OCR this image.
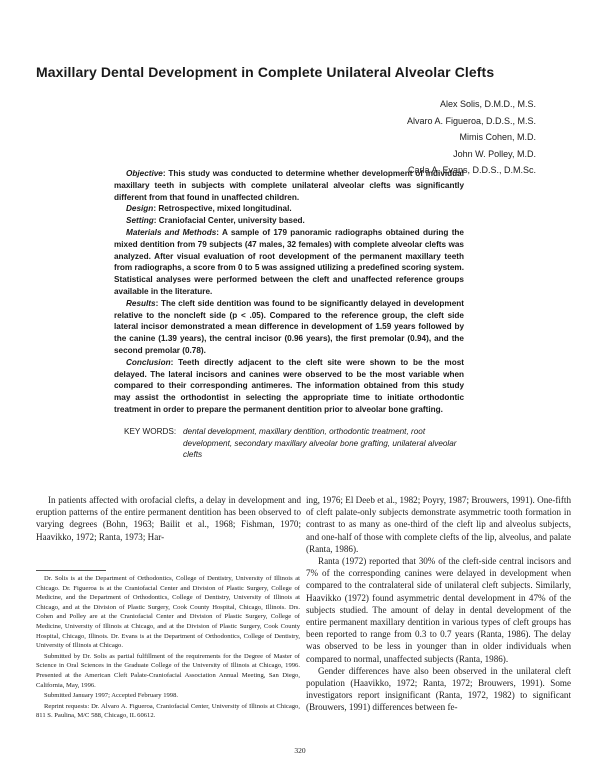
Maxillary Dental Development in Complete Unilateral Alveolar Clefts
Alex Solis, D.M.D., M.S.
Alvaro A. Figueroa, D.D.S., M.S.
Mimis Cohen, M.D.
John W. Polley, M.D.
Carla A. Evans, D.D.S., D.M.Sc.

Objective: This study was conducted to determine whether development of individual maxillary teeth in subjects with complete unilateral alveolar clefts was significantly different from that found in unaffected children.

Design: Retrospective, mixed longitudinal.

Setting: Craniofacial Center, university based.

Materials and Methods: A sample of 179 panoramic radiographs obtained during the mixed dentition from 79 subjects (47 males, 32 females) with complete alveolar clefts was analyzed. After visual evaluation of root development of the permanent maxillary teeth from radiographs, a score from 0 to 5 was assigned utilizing a predefined scoring system. Statistical analyses were performed between the cleft and unaffected reference groups available in the literature.

Results: The cleft side dentition was found to be significantly delayed in development relative to the noncleft side (p < .05). Compared to the reference group, the cleft side lateral incisor demonstrated a mean difference in development of 1.59 years followed by the canine (1.39 years), the central incisor (0.96 years), the first premolar (0.94), and the second premolar (0.78).

Conclusion: Teeth directly adjacent to the cleft site were shown to be the most delayed. The lateral incisors and canines were observed to be the most variable when compared to their corresponding antimeres. The information obtained from this study may assist the orthodontist in selecting the appropriate time to initiate orthodontic treatment in order to prepare the permanent dentition prior to alveolar bone grafting.

KEY WORDS: dental development, maxillary dentition, orthodontic treatment, root development, secondary maxillary alveolar bone grafting, unilateral alveolar clefts

In patients affected with orofacial clefts, a delay in development and eruption patterns of the entire permanent dentition has been observed to varying degrees (Bohn, 1963; Bailit et al., 1968; Fishman, 1970; Haavikko, 1972; Ranta, 1973; Har-

Dr. Solis is at the Department of Orthodontics, College of Dentistry, University of Illinois at Chicago. Dr. Figueroa is at the Craniofacial Center and Division of Plastic Surgery, College of Medicine, and the Department of Orthodontics, College of Dentistry, University of Illinois at Chicago, and at the Division of Plastic Surgery, Cook County Hospital, Chicago, Illinois. Drs. Cohen and Polley are at the Craniofacial Center and Division of Plastic Surgery, College of Medicine, University of Illinois at Chicago, and at the Division of Plastic Surgery, Cook County Hospital, Chicago, Illinois. Dr. Evans is at the Department of Orthodontics, College of Dentistry, University of Illinois at Chicago.

Submitted by Dr. Solis as partial fulfillment of the requirements for the Degree of Master of Science in Oral Sciences in the Graduate College of the University of Illinois at Chicago, 1996. Presented at the American Cleft Palate-Craniofacial Association Annual Meeting, San Diego, California, May, 1996.

Submitted January 1997; Accepted February 1998.

Reprint requests: Dr. Alvaro A. Figueroa, Craniofacial Center, University of Illinois at Chicago, 811 S. Paulina, M/C 588, Chicago, IL 60612.

ing, 1976; El Deeb et al., 1982; Poyry, 1987; Brouwers, 1991). One-fifth of cleft palate-only subjects demonstrate asymmetric tooth formation in contrast to as many as one-third of the cleft lip and alveolus subjects, and one-half of those with complete clefts of the lip, alveolus, and palate (Ranta, 1986).

Ranta (1972) reported that 30% of the cleft-side central incisors and 7% of the corresponding canines were delayed in development when compared to the contralateral side of unilateral cleft subjects. Similarly, Haavikko (1972) found asymmetric dental development in 47% of the subjects studied. The amount of delay in dental development of the entire permanent maxillary dentition in various types of cleft groups has been reported to range from 0.3 to 0.7 years (Ranta, 1986). The delay was observed to be less in younger than in older individuals when compared to normal, unaffected subjects (Ranta, 1986).

Gender differences have also been observed in the unilateral cleft population (Haavikko, 1972; Ranta, 1972; Brouwers, 1991). Some investigators report insignificant (Ranta, 1972, 1982) to significant (Brouwers, 1991) differences between fe-

320
